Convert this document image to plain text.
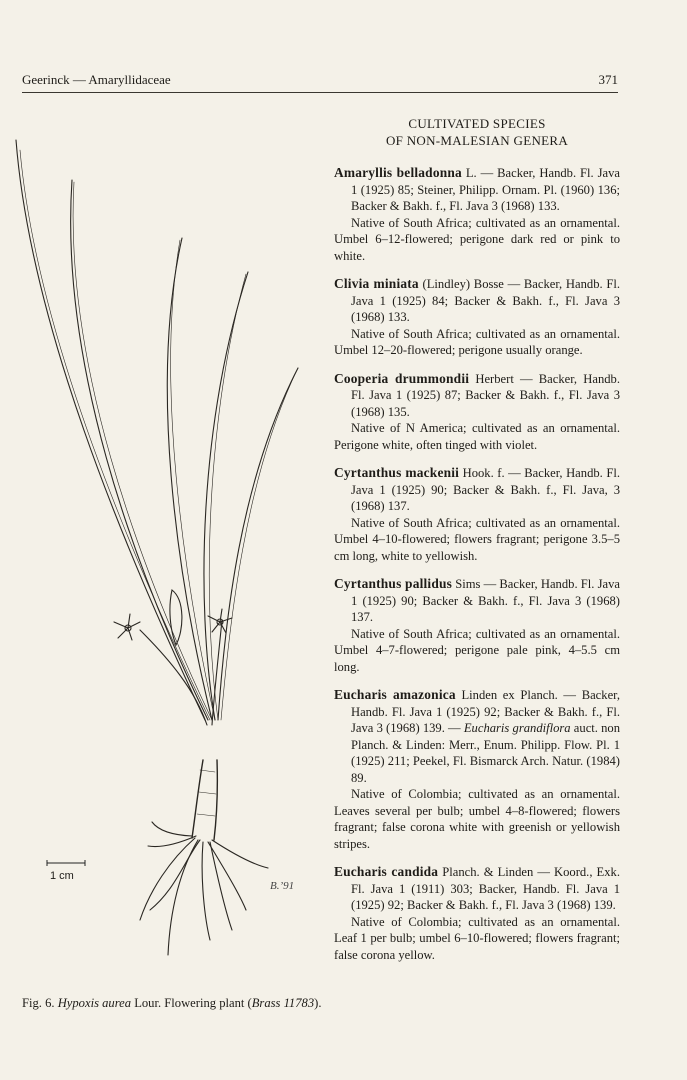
Geerinck — Amaryllidaceae	371
1 cm
B.’91
Fig. 6. Hypoxis aurea Lour. Flowering plant (Brass 11783).
CULTIVATED SPECIES
OF NON-MALESIAN GENERA

Amaryllis belladonna L. — Backer, Handb. Fl. Java 1 (1925) 85; Steiner, Philipp. Ornam. Pl. (1960) 136; Backer & Bakh. f., Fl. Java 3 (1968) 133.

Native of South Africa; cultivated as an ornamental. Umbel 6–12-flowered; perigone dark red or pink to white.

Clivia miniata (Lindley) Bosse — Backer, Handb. Fl. Java 1 (1925) 84; Backer & Bakh. f., Fl. Java 3 (1968) 133.

Native of South Africa; cultivated as an ornamental. Umbel 12–20-flowered; perigone usually orange.

Cooperia drummondii Herbert — Backer, Handb. Fl. Java 1 (1925) 87; Backer & Bakh. f., Fl. Java 3 (1968) 135.

Native of N America; cultivated as an ornamental. Perigone white, often tinged with violet.

Cyrtanthus mackenii Hook. f. — Backer, Handb. Fl. Java 1 (1925) 90; Backer & Bakh. f., Fl. Java, 3 (1968) 137.

Native of South Africa; cultivated as an ornamental. Umbel 4–10-flowered; flowers fragrant; perigone 3.5–5 cm long, white to yellowish.

Cyrtanthus pallidus Sims — Backer, Handb. Fl. Java 1 (1925) 90; Backer & Bakh. f., Fl. Java 3 (1968) 137.

Native of South Africa; cultivated as an ornamental. Umbel 4–7-flowered; perigone pale pink, 4–5.5 cm long.

Eucharis amazonica Linden ex Planch. — Backer, Handb. Fl. Java 1 (1925) 92; Backer & Bakh. f., Fl. Java 3 (1968) 139. — Eucharis grandiflora auct. non Planch. & Linden: Merr., Enum. Philipp. Flow. Pl. 1 (1925) 211; Peekel, Fl. Bismarck Arch. Natur. (1984) 89.

Native of Colombia; cultivated as an ornamental. Leaves several per bulb; umbel 4–8-flowered; flowers fragrant; false corona white with greenish or yellowish stripes.

Eucharis candida Planch. & Linden — Koord., Exk. Fl. Java 1 (1911) 303; Backer, Handb. Fl. Java 1 (1925) 92; Backer & Bakh. f., Fl. Java 3 (1968) 139.

Native of Colombia; cultivated as an ornamental. Leaf 1 per bulb; umbel 6–10-flowered; flowers fragrant; false corona yellow.
